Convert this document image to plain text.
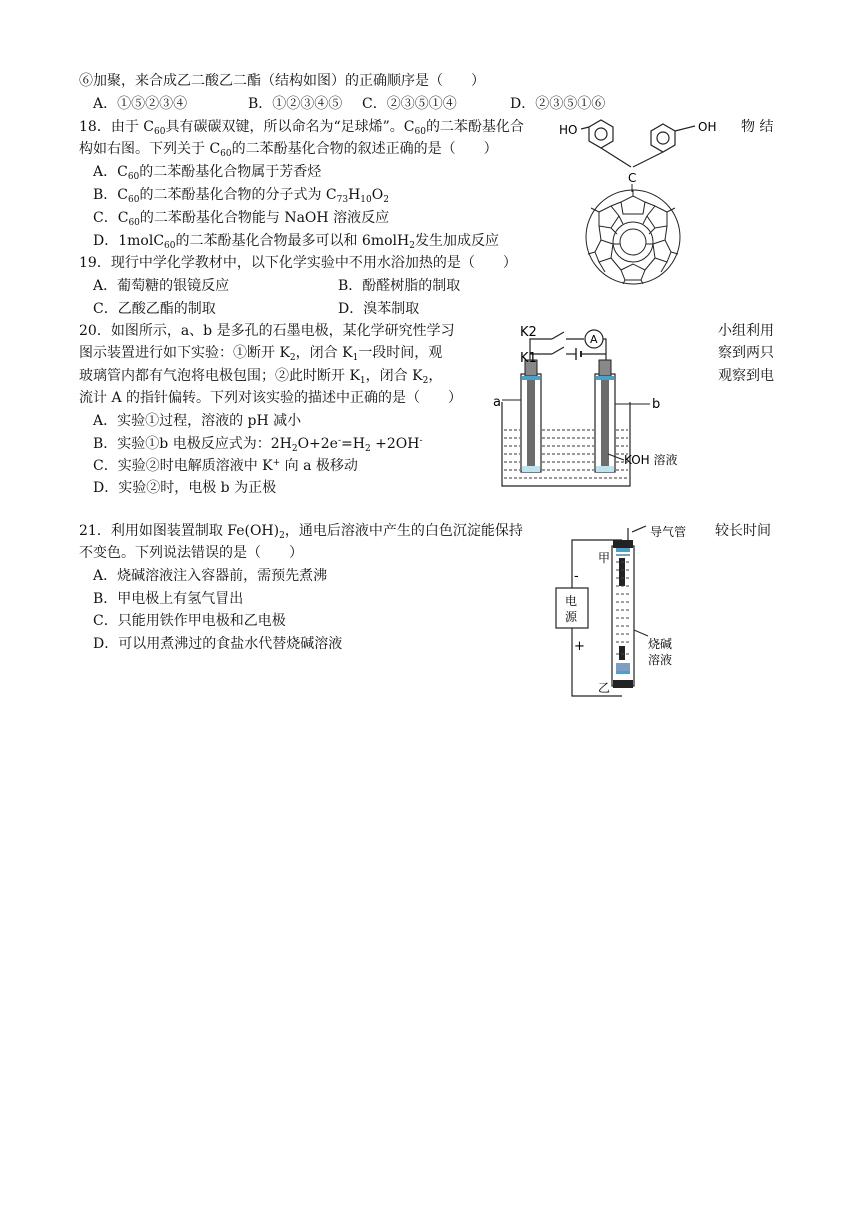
⑥加聚，来合成乙二酸乙二酯（结构如图）的正确顺序是（　　）
A．①⑤②③④	B．①②③④⑤ C．②③⑤①④	D．②③⑤①⑥
18．由于 $C_{60}$具有碳碳双键，所以命名为“足球烯”。$C_{60}$的二苯酚基化合	物 结
构如右图。下列关于 $C_{60}$的二苯酚基化合物的叙述正确的是（　　）
A．$C_{60}$的二苯酚基化合物属于芳香烃
B．$C_{60}$的二苯酚基化合物的分子式为 $C_{73}H_{10}O_2$
C．$C_{60}$的二苯酚基化合物能与 NaOH 溶液反应
D．1molC$_{60}$的二苯酚基化合物最多可以和 6molH$_2$发生加成反应
HO	OH
C
19．现行中学化学教材中，以下化学实验中不用水浴加热的是（　　）
A．葡萄糖的银镜反应	B．酚醛树脂的制取
C．乙酸乙酯的制取	D．溴苯制取
20．如图所示，a、b 是多孔的石墨电极，某化学研究性学习	小组利用
图示装置进行如下实验：①断开 $K_2$，闭合 $K_1$一段时间，观	察到两只
玻璃管内都有气泡将电极包围；②此时断开 $K_1$，闭合 $K_2$，	观察到电
流计 A 的指针偏转。下列对该实验的描述中正确的是（　　）
A．实验①过程，溶液的 pH 减小
B．实验①b 电极反应式为：$2H_2O+2e^-=H_2 +2OH^-$
C．实验②时电解质溶液中 K+ 向 a 极移动
D．实验②时，电极 b 为正极
K2
K1
A
a	b
KOH 溶液
21．利用如图装置制取 $Fe(OH)_2$，通电后溶液中产生的白色沉淀能保持	较长时间
不变色。下列说法错误的是（　　）
A．烧碱溶液注入容器前，需预先煮沸
B．甲电极上有氢气冒出
C．只能用铁作甲电极和乙电极
D．可以用煮沸过的食盐水代替烧碱溶液
导气管
甲
乙
-
+
电
源
烧碱
溶液
